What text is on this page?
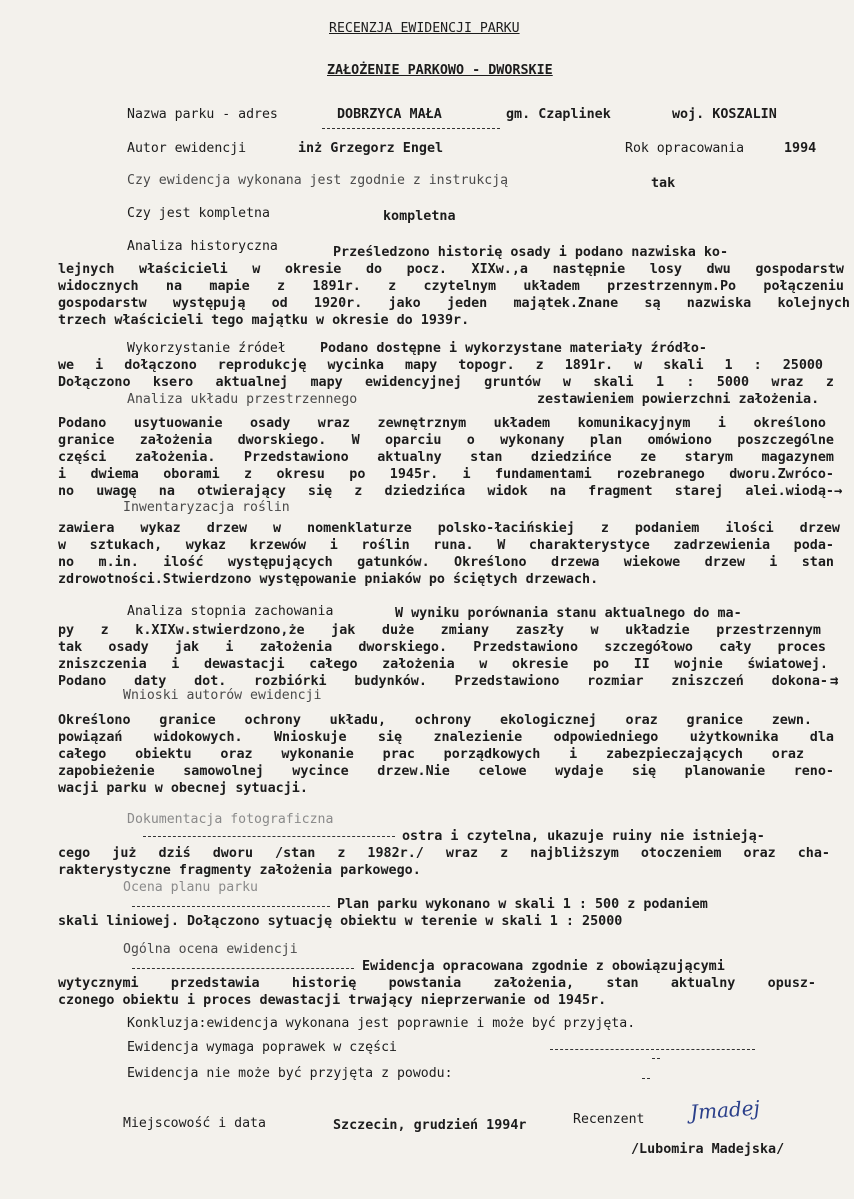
RECENZJA EWIDENCJI PARKU
ZAŁOŻENIE PARKOWO - DWORSKIE
Nazwa parku - adres	DOBRZYCA MAŁA	gm. Czaplinek	woj. KOSZALIN
Autor ewidencji	inż Grzegorz Engel	Rok opracowania	1994
Czy ewidencja wykonana jest zgodnie z instrukcją	tak
Czy jest kompletna	kompletna
Analiza historyczna	Prześledzono historię osady i podano nazwiska ko-
lejnych właścicieli w okresie do pocz. XIXw.,a następnie losy dwu gospodarstw
widocznych na mapie z 1891r. z czytelnym układem przestrzennym.Po połączeniu
gospodarstw występują od 1920r. jako jeden majątek.Znane są nazwiska kolejnych
trzech właścicieli tego majątku w okresie do 1939r.
Wykorzystanie źródeł	Podano dostępne i wykorzystane materiały źródło-
we i dołączono reprodukcję wycinka mapy topogr. z 1891r. w skali 1 : 25000
Dołączono ksero aktualnej mapy ewidencyjnej gruntów w skali 1 : 5000 wraz z
zestawieniem powierzchni założenia.
Analiza układu przestrzennego
Podano usytuowanie osady wraz zewnętrznym układem komunikacyjnym i określono
granice założenia dworskiego. W oparciu o wykonany plan omówiono poszczególne
części założenia. Przedstawiono aktualny stan dziedzińce ze starym magazynem
i dwiema oborami z okresu po 1945r. i fundamentami rozebranego dworu.Zwróco-
no uwagę na otwierający się z dziedzińca widok na fragment starej alei.wiodą- →
Inwentaryzacja roślin
zawiera wykaz drzew w nomenklaturze polsko-łacińskiej z podaniem ilości drzew
w sztukach, wykaz krzewów i roślin runa. W charakterystyce zadrzewienia poda-
no m.in. ilość występujących gatunków. Określono drzewa wiekowe drzew i stan
zdrowotności.Stwierdzono występowanie pniaków po ściętych drzewach.
Analiza stopnia zachowania	W wyniku porównania stanu aktualnego do ma-
py z k.XIXw.stwierdzono,że jak duże zmiany zaszły w układzie przestrzennym
tak osady jak i założenia dworskiego. Przedstawiono szczegółowo cały proces
zniszczenia i dewastacji całego założenia w okresie po II wojnie światowej.
Podano daty dot. rozbiórki budynków. Przedstawiono rozmiar zniszczeń dokona- ⇉
Wnioski autorów ewidencji
Określono granice ochrony układu, ochrony ekologicznej oraz granice zewn.
powiązań widokowych. Wnioskuje się znalezienie odpowiedniego użytkownika dla
całego obiektu oraz wykonanie prac porządkowych i zabezpieczających oraz
zapobieżenie samowolnej wycince drzew.Nie celowe wydaje się planowanie reno-
wacji parku w obecnej sytuacji.
Dokumentacja fotograficzna
ostra i czytelna, ukazuje ruiny nie istnieją-
cego już dziś dworu /stan z 1982r./ wraz z najbliższym otoczeniem oraz cha-
rakterystyczne fragmenty założenia parkowego.
Ocena planu parku
Plan parku wykonano w skali 1 : 500 z podaniem
skali liniowej. Dołączono sytuację obiektu w terenie w skali 1 : 25000
Ogólna ocena ewidencji
Ewidencja opracowana zgodnie z obowiązującymi
wytycznymi przedstawia historię powstania założenia, stan aktualny opusz-
czonego obiektu i proces dewastacji trwający nieprzerwanie od 1945r.
Konkluzja:ewidencja wykonana jest poprawnie i może być przyjęta.
Ewidencja wymaga poprawek w części
Ewidencja nie może być przyjęta z powodu:
Miejscowość i data	Szczecin, grudzień 1994r	Recenzent Jmadej
/Lubomira Madejska/
